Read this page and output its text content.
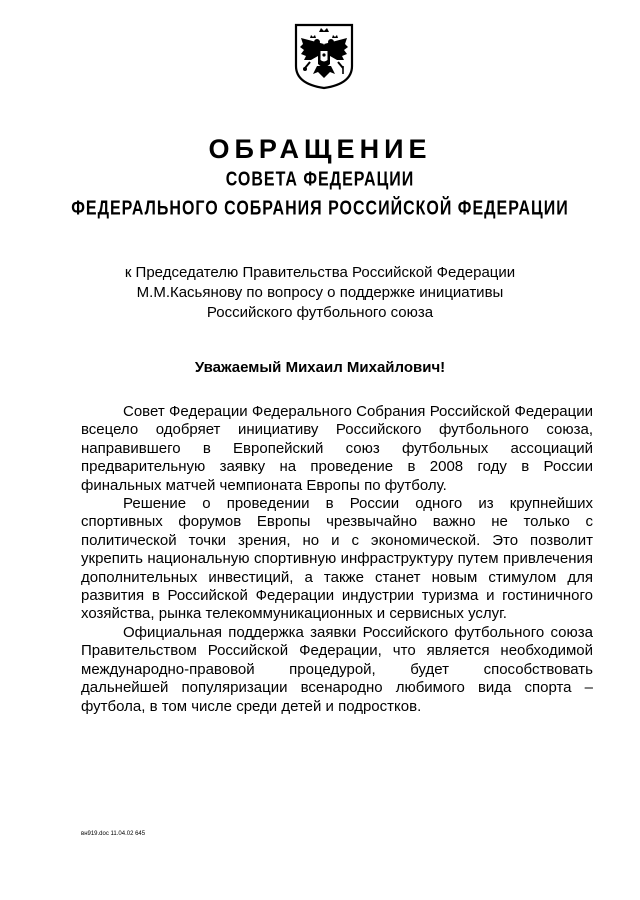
ОБРАЩЕНИЕ
СОВЕТА ФЕДЕРАЦИИ
ФЕДЕРАЛЬНОГО СОБРАНИЯ РОССИЙСКОЙ ФЕДЕРАЦИИ
к Председателю Правительства Российской Федерации
М.М.Касьянову по вопросу о поддержке инициативы
Российского футбольного союза
Уважаемый Михаил Михайлович!

Совет Федерации Федерального Собрания Российской Федерации всецело одобряет инициативу Российского футбольного союза, направившего в Европейский союз футбольных ассоциаций предварительную заявку на проведение в 2008 году в России финальных матчей чемпионата Европы по футболу.

Решение о проведении в России одного из крупнейших спортивных форумов Европы чрезвычайно важно не только с политической точки зрения, но и с экономической. Это позволит укрепить национальную спортивную инфраструктуру путем привлечения дополнительных инвестиций, а также станет новым стимулом для развития в Российской Федерации индустрии туризма и гостиничного хозяйства, рынка телекоммуникационных и сервисных услуг.

Официальная поддержка заявки Российского футбольного союза Правительством Российской Федерации, что является необходимой международно-правовой процедурой, будет способствовать дальнейшей популяризации всенародно любимого вида спорта – футбола, в том числе среди детей и подростков.

вн919.doc 11.04.02 645
